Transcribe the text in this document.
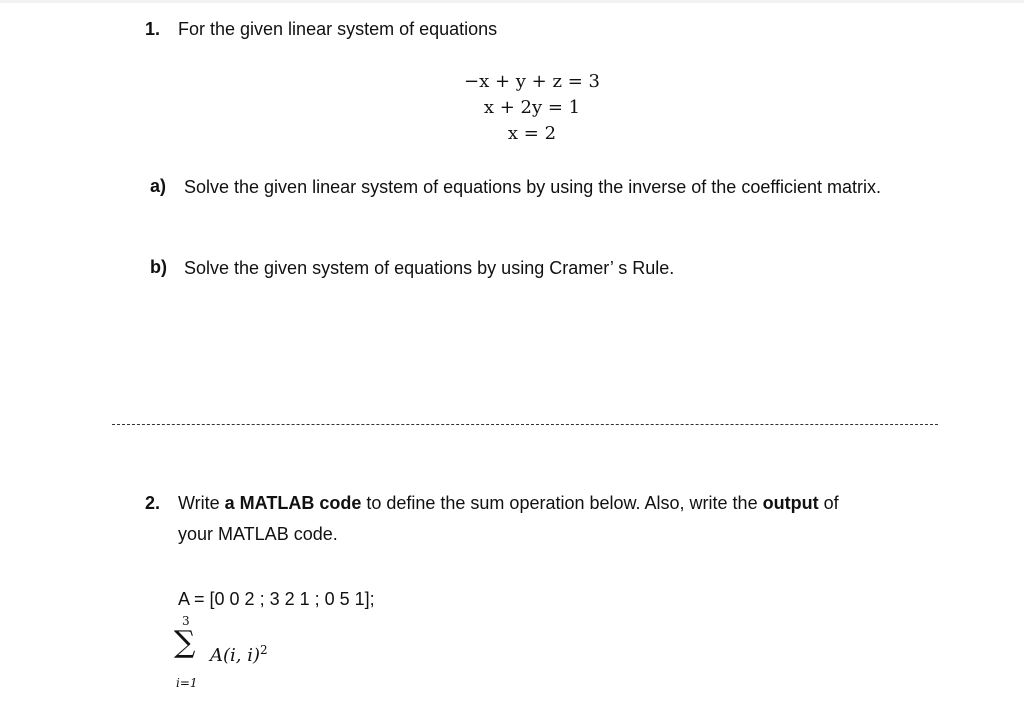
1. For the given linear system of equations
−x + y + z = 3
x + 2y = 1
x = 2
a) Solve the given linear system of equations by using the inverse of the coefficient matrix.
b) Solve the given system of equations by using Cramer’ s Rule.
2. Write a MATLAB code to define the sum operation below. Also, write the output of
your MATLAB code.
A = [0 0 2 ; 3 2 1 ; 0 5 1];
3
∑ A(i, i)$^2$
i=1
